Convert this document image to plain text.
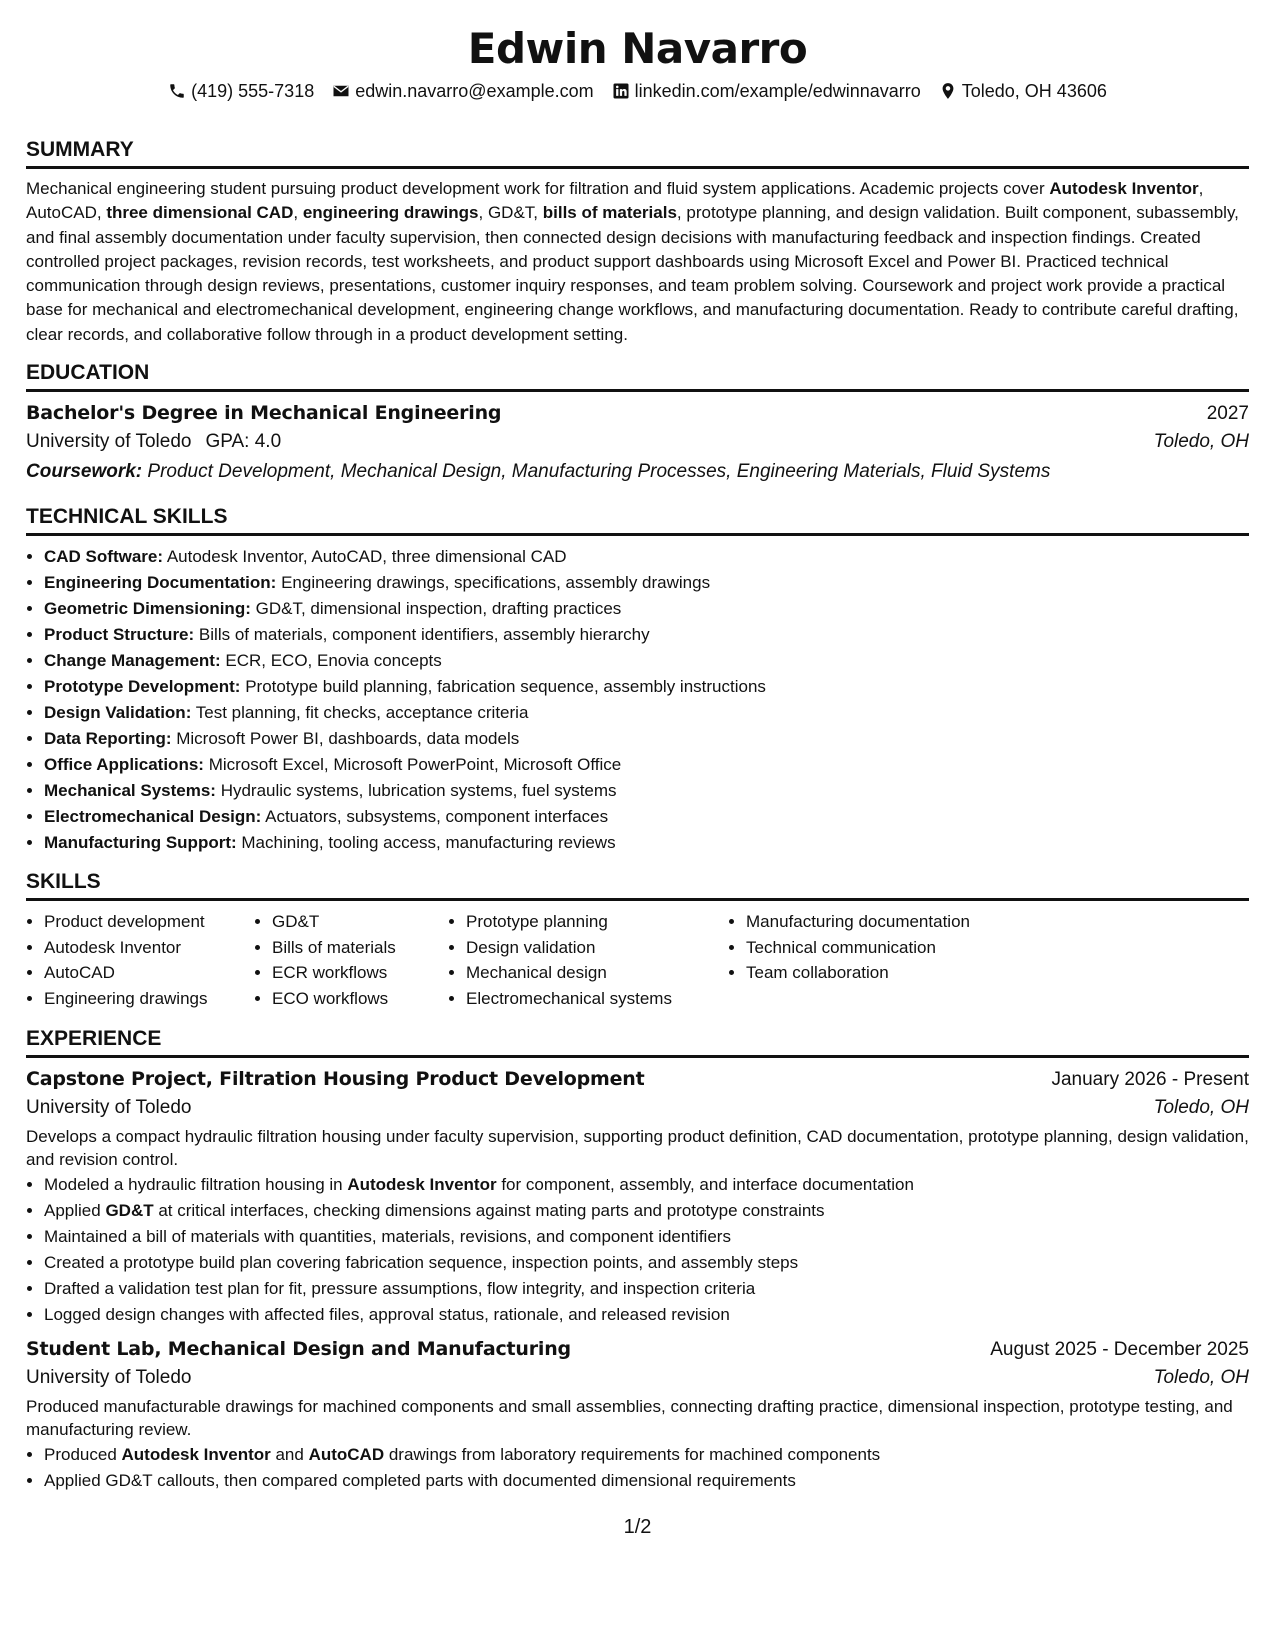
Edwin Navarro
(419) 555-7318 edwin.navarro@example.com linkedin.com/example/edwinnavarro Toledo, OH 43606
SUMMARY
Mechanical engineering student pursuing product development work for filtration and fluid system applications. Academic projects cover Autodesk Inventor, AutoCAD, three dimensional CAD, engineering drawings, GD&T, bills of materials, prototype planning, and design validation. Built component, subassembly, and final assembly documentation under faculty supervision, then connected design decisions with manufacturing feedback and inspection findings. Created controlled project packages, revision records, test worksheets, and product support dashboards using Microsoft Excel and Power BI. Practiced technical communication through design reviews, presentations, customer inquiry responses, and team problem solving. Coursework and project work provide a practical base for mechanical and electromechanical development, engineering change workflows, and manufacturing documentation. Ready to contribute careful drafting, clear records, and collaborative follow through in a product development setting.
EDUCATION
Bachelor's Degree in Mechanical Engineering	2027
University of Toledo GPA: 4.0	Toledo, OH
Coursework: Product Development, Mechanical Design, Manufacturing Processes, Engineering Materials, Fluid Systems
TECHNICAL SKILLS
• CAD Software: Autodesk Inventor, AutoCAD, three dimensional CAD
• Engineering Documentation: Engineering drawings, specifications, assembly drawings
• Geometric Dimensioning: GD&T, dimensional inspection, drafting practices
• Product Structure: Bills of materials, component identifiers, assembly hierarchy
• Change Management: ECR, ECO, Enovia concepts
• Prototype Development: Prototype build planning, fabrication sequence, assembly instructions
• Design Validation: Test planning, fit checks, acceptance criteria
• Data Reporting: Microsoft Power BI, dashboards, data models
• Office Applications: Microsoft Excel, Microsoft PowerPoint, Microsoft Office
• Mechanical Systems: Hydraulic systems, lubrication systems, fuel systems
• Electromechanical Design: Actuators, subsystems, component interfaces
• Manufacturing Support: Machining, tooling access, manufacturing reviews
SKILLS
• Product development
• Autodesk Inventor
• AutoCAD
• Engineering drawings
• GD&T
• Bills of materials
• ECR workflows
• ECO workflows
• Prototype planning
• Design validation
• Mechanical design
• Electromechanical systems
• Manufacturing documentation
• Technical communication
• Team collaboration
EXPERIENCE
Capstone Project, Filtration Housing Product Development	January 2026 - Present
University of Toledo	Toledo, OH
Develops a compact hydraulic filtration housing under faculty supervision, supporting product definition, CAD documentation, prototype planning, design validation, and revision control.
• Modeled a hydraulic filtration housing in Autodesk Inventor for component, assembly, and interface documentation
• Applied GD&T at critical interfaces, checking dimensions against mating parts and prototype constraints
• Maintained a bill of materials with quantities, materials, revisions, and component identifiers
• Created a prototype build plan covering fabrication sequence, inspection points, and assembly steps
• Drafted a validation test plan for fit, pressure assumptions, flow integrity, and inspection criteria
• Logged design changes with affected files, approval status, rationale, and released revision
Student Lab, Mechanical Design and Manufacturing	August 2025 - December 2025
University of Toledo	Toledo, OH
Produced manufacturable drawings for machined components and small assemblies, connecting drafting practice, dimensional inspection, prototype testing, and manufacturing review.
• Produced Autodesk Inventor and AutoCAD drawings from laboratory requirements for machined components
• Applied GD&T callouts, then compared completed parts with documented dimensional requirements
1/2
